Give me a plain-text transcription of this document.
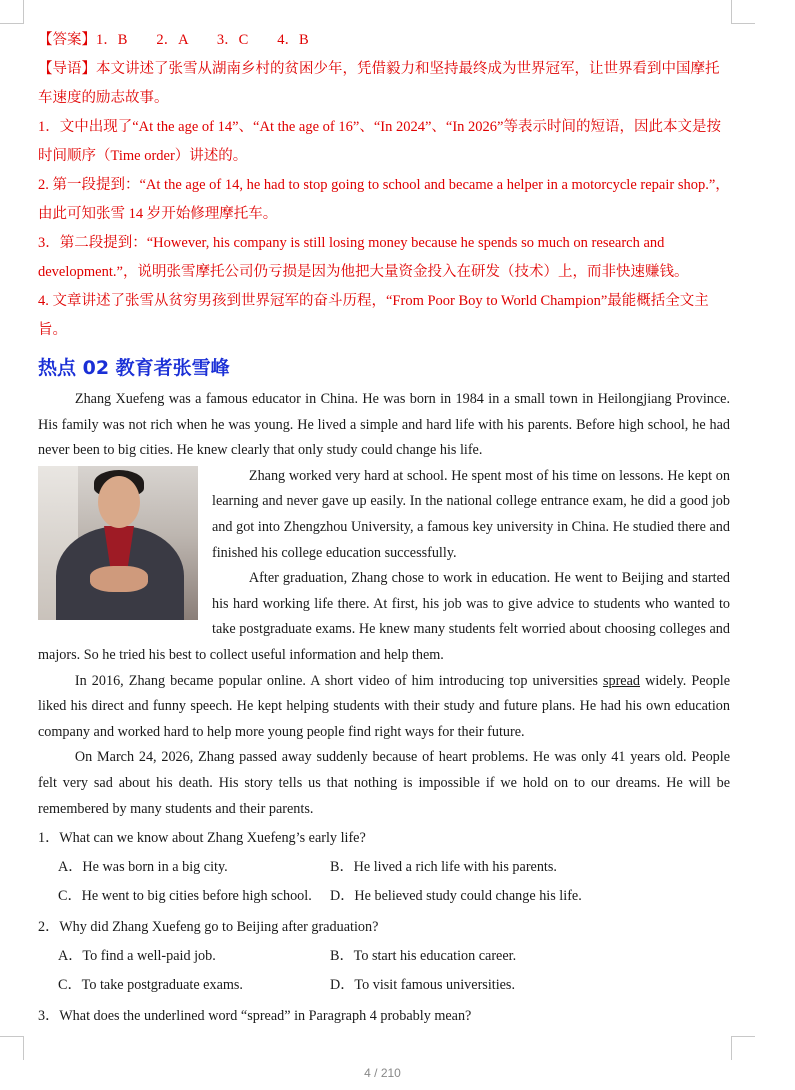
【答案】1．B　　2．A　　3．C　　4．B

【导语】本文讲述了张雪从湖南乡村的贫困少年，凭借毅力和坚持最终成为世界冠军，让世界看到中国摩托车速度的励志故事。

1．文中出现了“At the age of 14”、“At the age of 16”、“In 2024”、“In 2026”等表示时间的短语，因此本文是按时间顺序（Time order）讲述的。

2. 第一段提到：“At the age of 14, he had to stop going to school and became a helper in a motorcycle repair shop.”，由此可知张雪 14 岁开始修理摩托车。

3．第二段提到：“However, his company is still losing money because he spends so much on research and development.”，说明张雪摩托公司仍亏损是因为他把大量资金投入在研发（技术）上，而非快速赚钱。

4. 文章讲述了张雪从贫穷男孩到世界冠军的奋斗历程，“From Poor Boy to World Champion”最能概括全文主旨。

热点 02 教育者张雪峰

Zhang Xuefeng was a famous educator in China. He was born in 1984 in a small town in Heilongjiang Province. His family was not rich when he was young. He lived a simple and hard life with his parents. Before high school, he had never been to big cities. He knew clearly that only study could change his life.

Zhang worked very hard at school. He spent most of his time on lessons. He kept on learning and never gave up easily. In the national college entrance exam, he did a good job and got into Zhengzhou University, a famous key university in China. He studied there and finished his college education successfully.

After graduation, Zhang chose to work in education. He went to Beijing and started his hard working life there. At first, his job was to give advice to students who wanted to take postgraduate exams. He knew many students felt worried about choosing colleges and majors. So he tried his best to collect useful information and help them.

In 2016, Zhang became popular online. A short video of him introducing top universities spread widely. People liked his direct and funny speech. He kept helping students with their study and future plans. He had his own education company and worked hard to help more young people find right ways for their future.

On March 24, 2026, Zhang passed away suddenly because of heart problems. He was only 41 years old. People felt very sad about his death. His story tells us that nothing is impossible if we hold on to our dreams. He will be remembered by many students and their parents.

1．What can we know about Zhang Xuefeng’s early life?
A．He was born in a big city.	B．He lived a rich life with his parents.
C．He went to big cities before high school.	D．He believed study could change his life.
2．Why did Zhang Xuefeng go to Beijing after graduation?
A．To find a well-paid job.	B．To start his education career.
C．To take postgraduate exams.	D．To visit famous universities.
3．What does the underlined word “spread” in Paragraph 4 probably mean?
4 / 210
